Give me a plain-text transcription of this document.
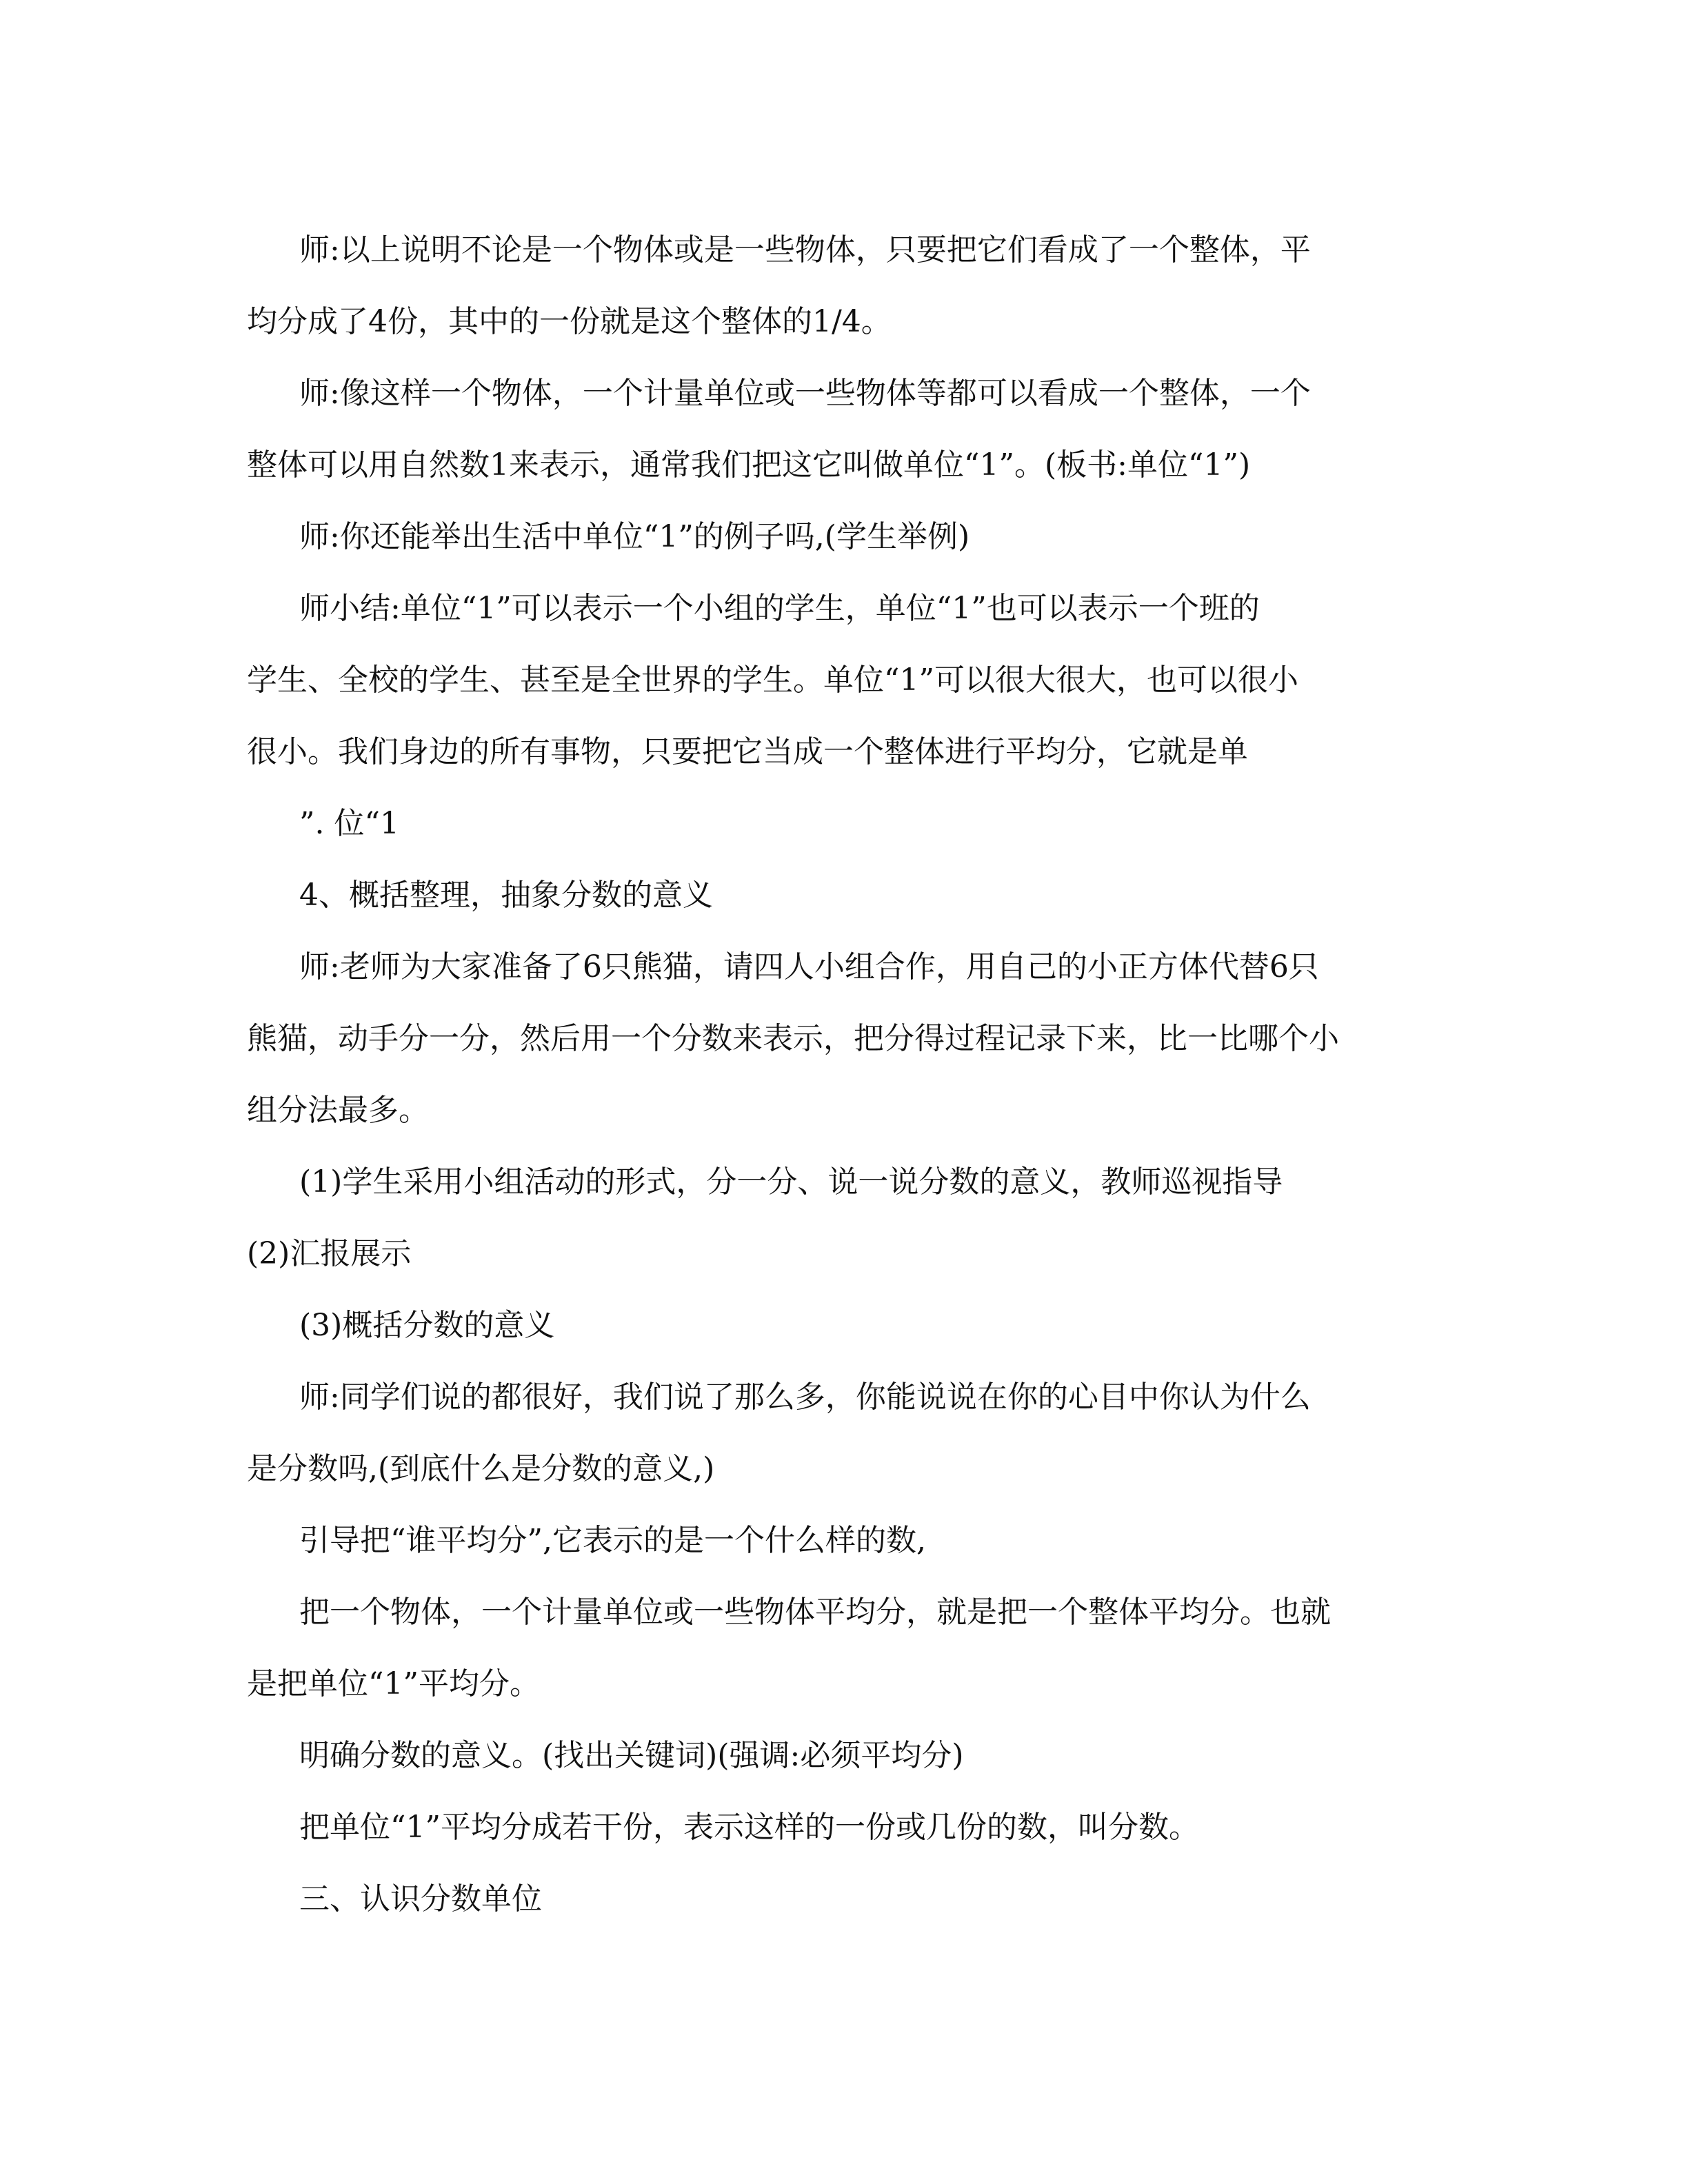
师:以上说明不论是一个物体或是一些物体，只要把它们看成了一个整体，平
均分成了4份，其中的一份就是这个整体的1/4。
师:像这样一个物体，一个计量单位或一些物体等都可以看成一个整体，一个
整体可以用自然数1来表示，通常我们把这它叫做单位“1”。(板书:单位“1”)
师:你还能举出生活中单位“1”的例子吗,(学生举例)
师小结:单位“1”可以表示一个小组的学生，单位“1”也可以表示一个班的
学生、全校的学生、甚至是全世界的学生。单位“1”可以很大很大，也可以很小
很小。我们身边的所有事物，只要把它当成一个整体进行平均分，它就是单
”. 位“1
4、概括整理，抽象分数的意义
师:老师为大家准备了6只熊猫，请四人小组合作，用自己的小正方体代替6只
熊猫，动手分一分，然后用一个分数来表示，把分得过程记录下来，比一比哪个小
组分法最多。
(1)学生采用小组活动的形式，分一分、说一说分数的意义，教师巡视指导
(2)汇报展示
(3)概括分数的意义
师:同学们说的都很好，我们说了那么多，你能说说在你的心目中你认为什么
是分数吗,(到底什么是分数的意义,)
引导把“谁平均分”,它表示的是一个什么样的数,
把一个物体，一个计量单位或一些物体平均分，就是把一个整体平均分。也就
是把单位“1”平均分。
明确分数的意义。(找出关键词)(强调:必须平均分)
把单位“1”平均分成若干份，表示这样的一份或几份的数，叫分数。
三、认识分数单位
